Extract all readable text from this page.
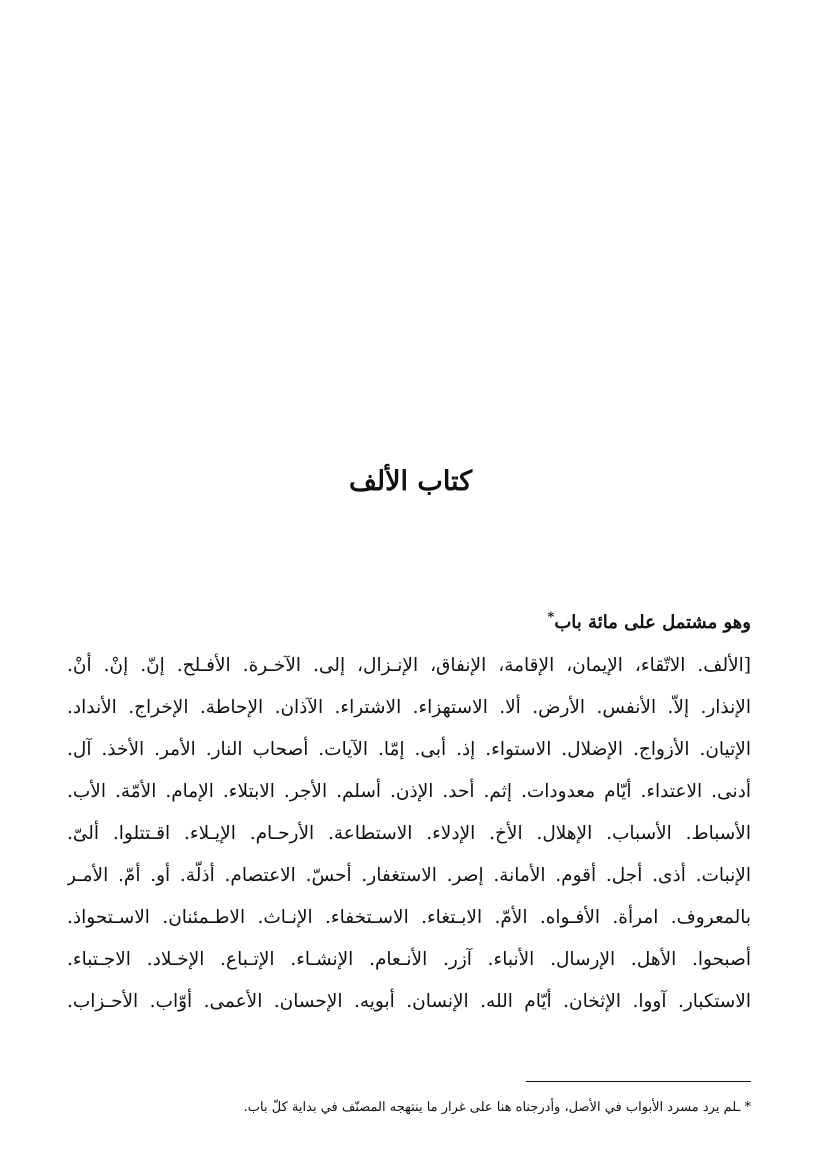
كتاب الألف

وهو مشتمل على مائة باب*

[الألف. الاتّقاء، الإيمان، الإقامة، الإنفاق، الإنـزال، إلى. الآخـرة. الأفـلح. إنّ. إنْ. أنْ.
الإنذار. إلاّ. الأنفس. الأرض. ألا. الاستهزاء. الاشتراء. الآذان. الإحاطة. الإخراج. الأنداد.
الإتيان. الأزواج. الإضلال. الاستواء. إذ. أبى. إمّا. الآيات. أصحاب النار. الأمر. الأخذ. آل.
أدنى. الاعتداء. أيّام معدودات. إثم. أحد. الإذن. أسلم. الأجر. الابتلاء. الإمام. الأمّة. الأب.
الأسباط. الأسباب. الإهلال. الأخ. الإدلاء. الاستطاعة. الأرحـام. الإيـلاء. اقـتتلوا. ألىّ.
الإنبات. أذى. أجل. أقوم. الأمانة. إصر. الاستغفار. أحسّ. الاعتصام. أذلّة. أو. أمّ. الأمـر
بالمعروف. امرأة. الأفـواه. الأمّ. الابـتغاء. الاسـتخفاء. الإنـاث. الاطـمئنان. الاسـتحواذ.
أصبحوا. الأهل. الإرسال. الأنباء. آزر. الأنـعام. الإنشـاء. الإتـباع. الإخـلاد. الاجـتباء.
الاستكبار. آووا. الإثخان. أيّام الله. الإنسان. أبويه. الإحسان. الأعمى. أوّاب. الأحـزاب.

* ـلم يرد مسرد الأبواب في الأصل، وأدرجناه هنا على غرار ما ينتهجه المصنّف في بداية كلّ باب.
